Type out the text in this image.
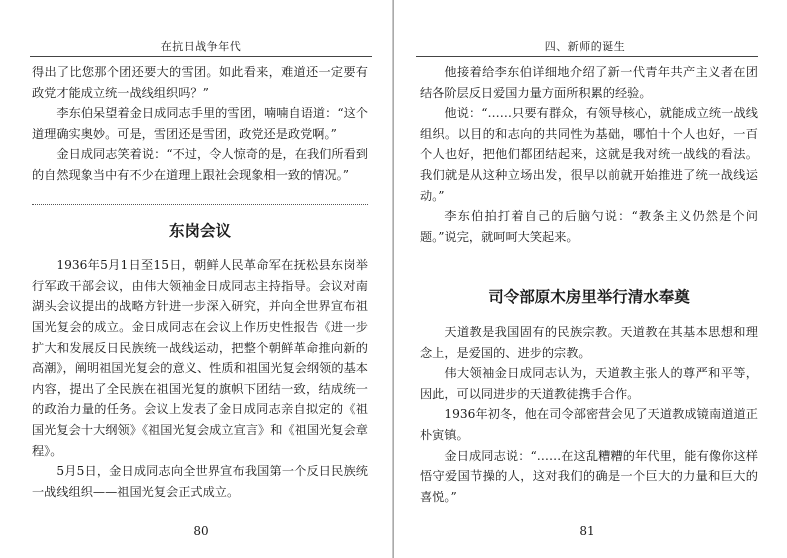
在抗日战争年代

得出了比您那个团还要大的雪团。如此看来，难道还一定要有政党才能成立统一战线组织吗？”

李东伯呆望着金日成同志手里的雪团，喃喃自语道：“这个道理确实奥妙。可是，雪团还是雪团，政党还是政党啊。”

金日成同志笑着说：“不过，令人惊奇的是，在我们所看到的自然现象当中有不少在道理上跟社会现象相一致的情况。”

东岗会议

1936年5月1日至15日，朝鲜人民革命军在抚松县东岗举行军政干部会议，由伟大领袖金日成同志主持指导。会议对南湖头会议提出的战略方针进一步深入研究，并向全世界宣布祖国光复会的成立。金日成同志在会议上作历史性报告《进一步扩大和发展反日民族统一战线运动，把整个朝鲜革命推向新的高潮》，阐明祖国光复会的意义、性质和祖国光复会纲领的基本内容，提出了全民族在祖国光复的旗帜下团结一致，结成统一的政治力量的任务。会议上发表了金日成同志亲自拟定的《祖国光复会十大纲领》《祖国光复会成立宣言》和《祖国光复会章程》。

5月5日，金日成同志向全世界宣布我国第一个反日民族统一战线组织——祖国光复会正式成立。

80
四、新师的诞生

他接着给李东伯详细地介绍了新一代青年共产主义者在团结各阶层反日爱国力量方面所积累的经验。

他说：“……只要有群众，有领导核心，就能成立统一战线组织。以目的和志向的共同性为基础，哪怕十个人也好，一百个人也好，把他们都团结起来，这就是我对统一战线的看法。我们就是从这种立场出发，很早以前就开始推进了统一战线运动。”

李东伯拍打着自己的后脑勺说：“教条主义仍然是个问题。”说完，就呵呵大笑起来。

司令部原木房里举行清水奉奠

天道教是我国固有的民族宗教。天道教在其基本思想和理念上，是爱国的、进步的宗教。

伟大领袖金日成同志认为，天道教主张人的尊严和平等，因此，可以同进步的天道教徒携手合作。

1936年初冬，他在司令部密营会见了天道教成镜南道道正朴寅镇。

金日成同志说：“……在这乱糟糟的年代里，能有像你这样悟守爱国节操的人，这对我们的确是一个巨大的力量和巨大的喜悦。”

81
